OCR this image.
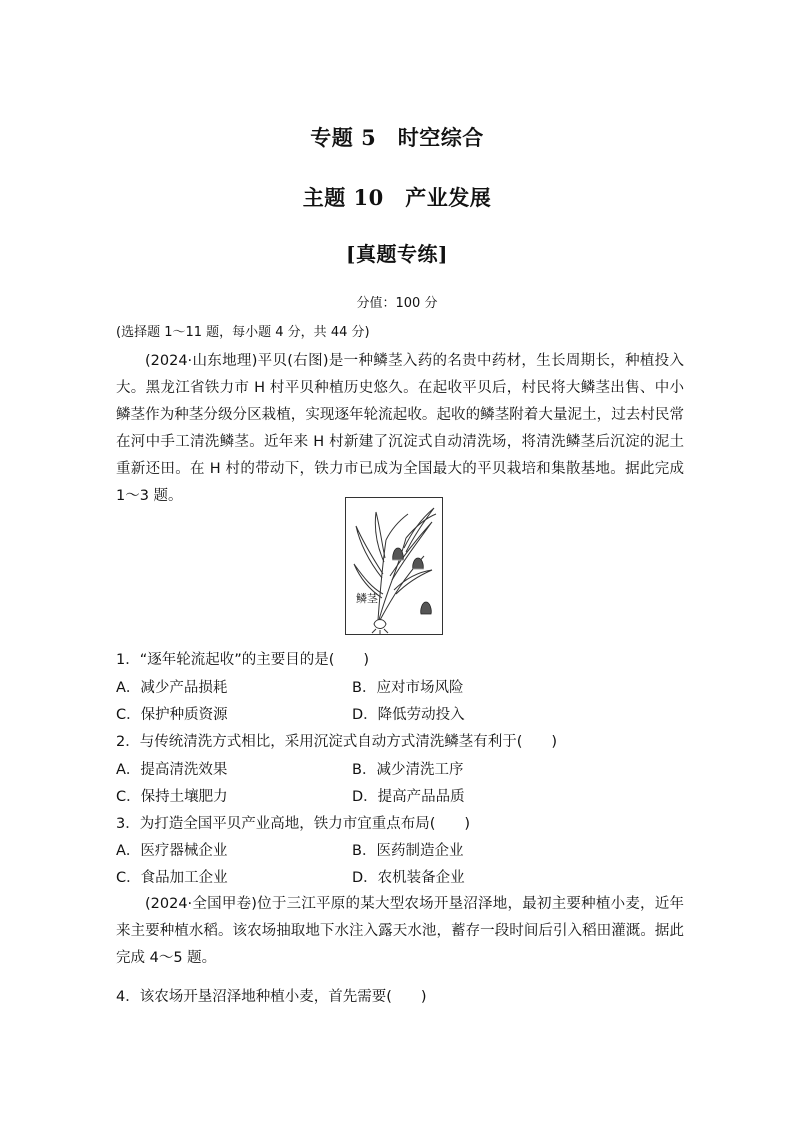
专题 5　时空综合
主题 10　产业发展
[真题专练]
分值：100 分
(选择题 1～11 题，每小题 4 分，共 44 分)
(2024·山东地理)平贝(右图)是一种鳞茎入药的名贵中药材，生长周期长，种植投入大。黑龙江省铁力市 H 村平贝种植历史悠久。在起收平贝后，村民将大鳞茎出售、中小鳞茎作为种茎分级分区栽植，实现逐年轮流起收。起收的鳞茎附着大量泥土，过去村民常在河中手工清洗鳞茎。近年来 H 村新建了沉淀式自动清洗场，将清洗鳞茎后沉淀的泥土重新还田。在 H 村的带动下，铁力市已成为全国最大的平贝栽培和集散基地。据此完成 1～3 题。
鳞茎
1．“逐年轮流起收”的主要目的是(　　)
A．减少产品损耗	B．应对市场风险
C．保护种质资源	D．降低劳动投入
2．与传统清洗方式相比，采用沉淀式自动方式清洗鳞茎有利于(　　)
A．提高清洗效果	B．减少清洗工序
C．保持土壤肥力	D．提高产品品质
3．为打造全国平贝产业高地，铁力市宜重点布局(　　)
A．医疗器械企业	B．医药制造企业
C．食品加工企业	D．农机装备企业
(2024·全国甲卷)位于三江平原的某大型农场开垦沼泽地，最初主要种植小麦，近年来主要种植水稻。该农场抽取地下水注入露天水池，蓄存一段时间后引入稻田灌溉。据此完成 4～5 题。
4．该农场开垦沼泽地种植小麦，首先需要(　　)
